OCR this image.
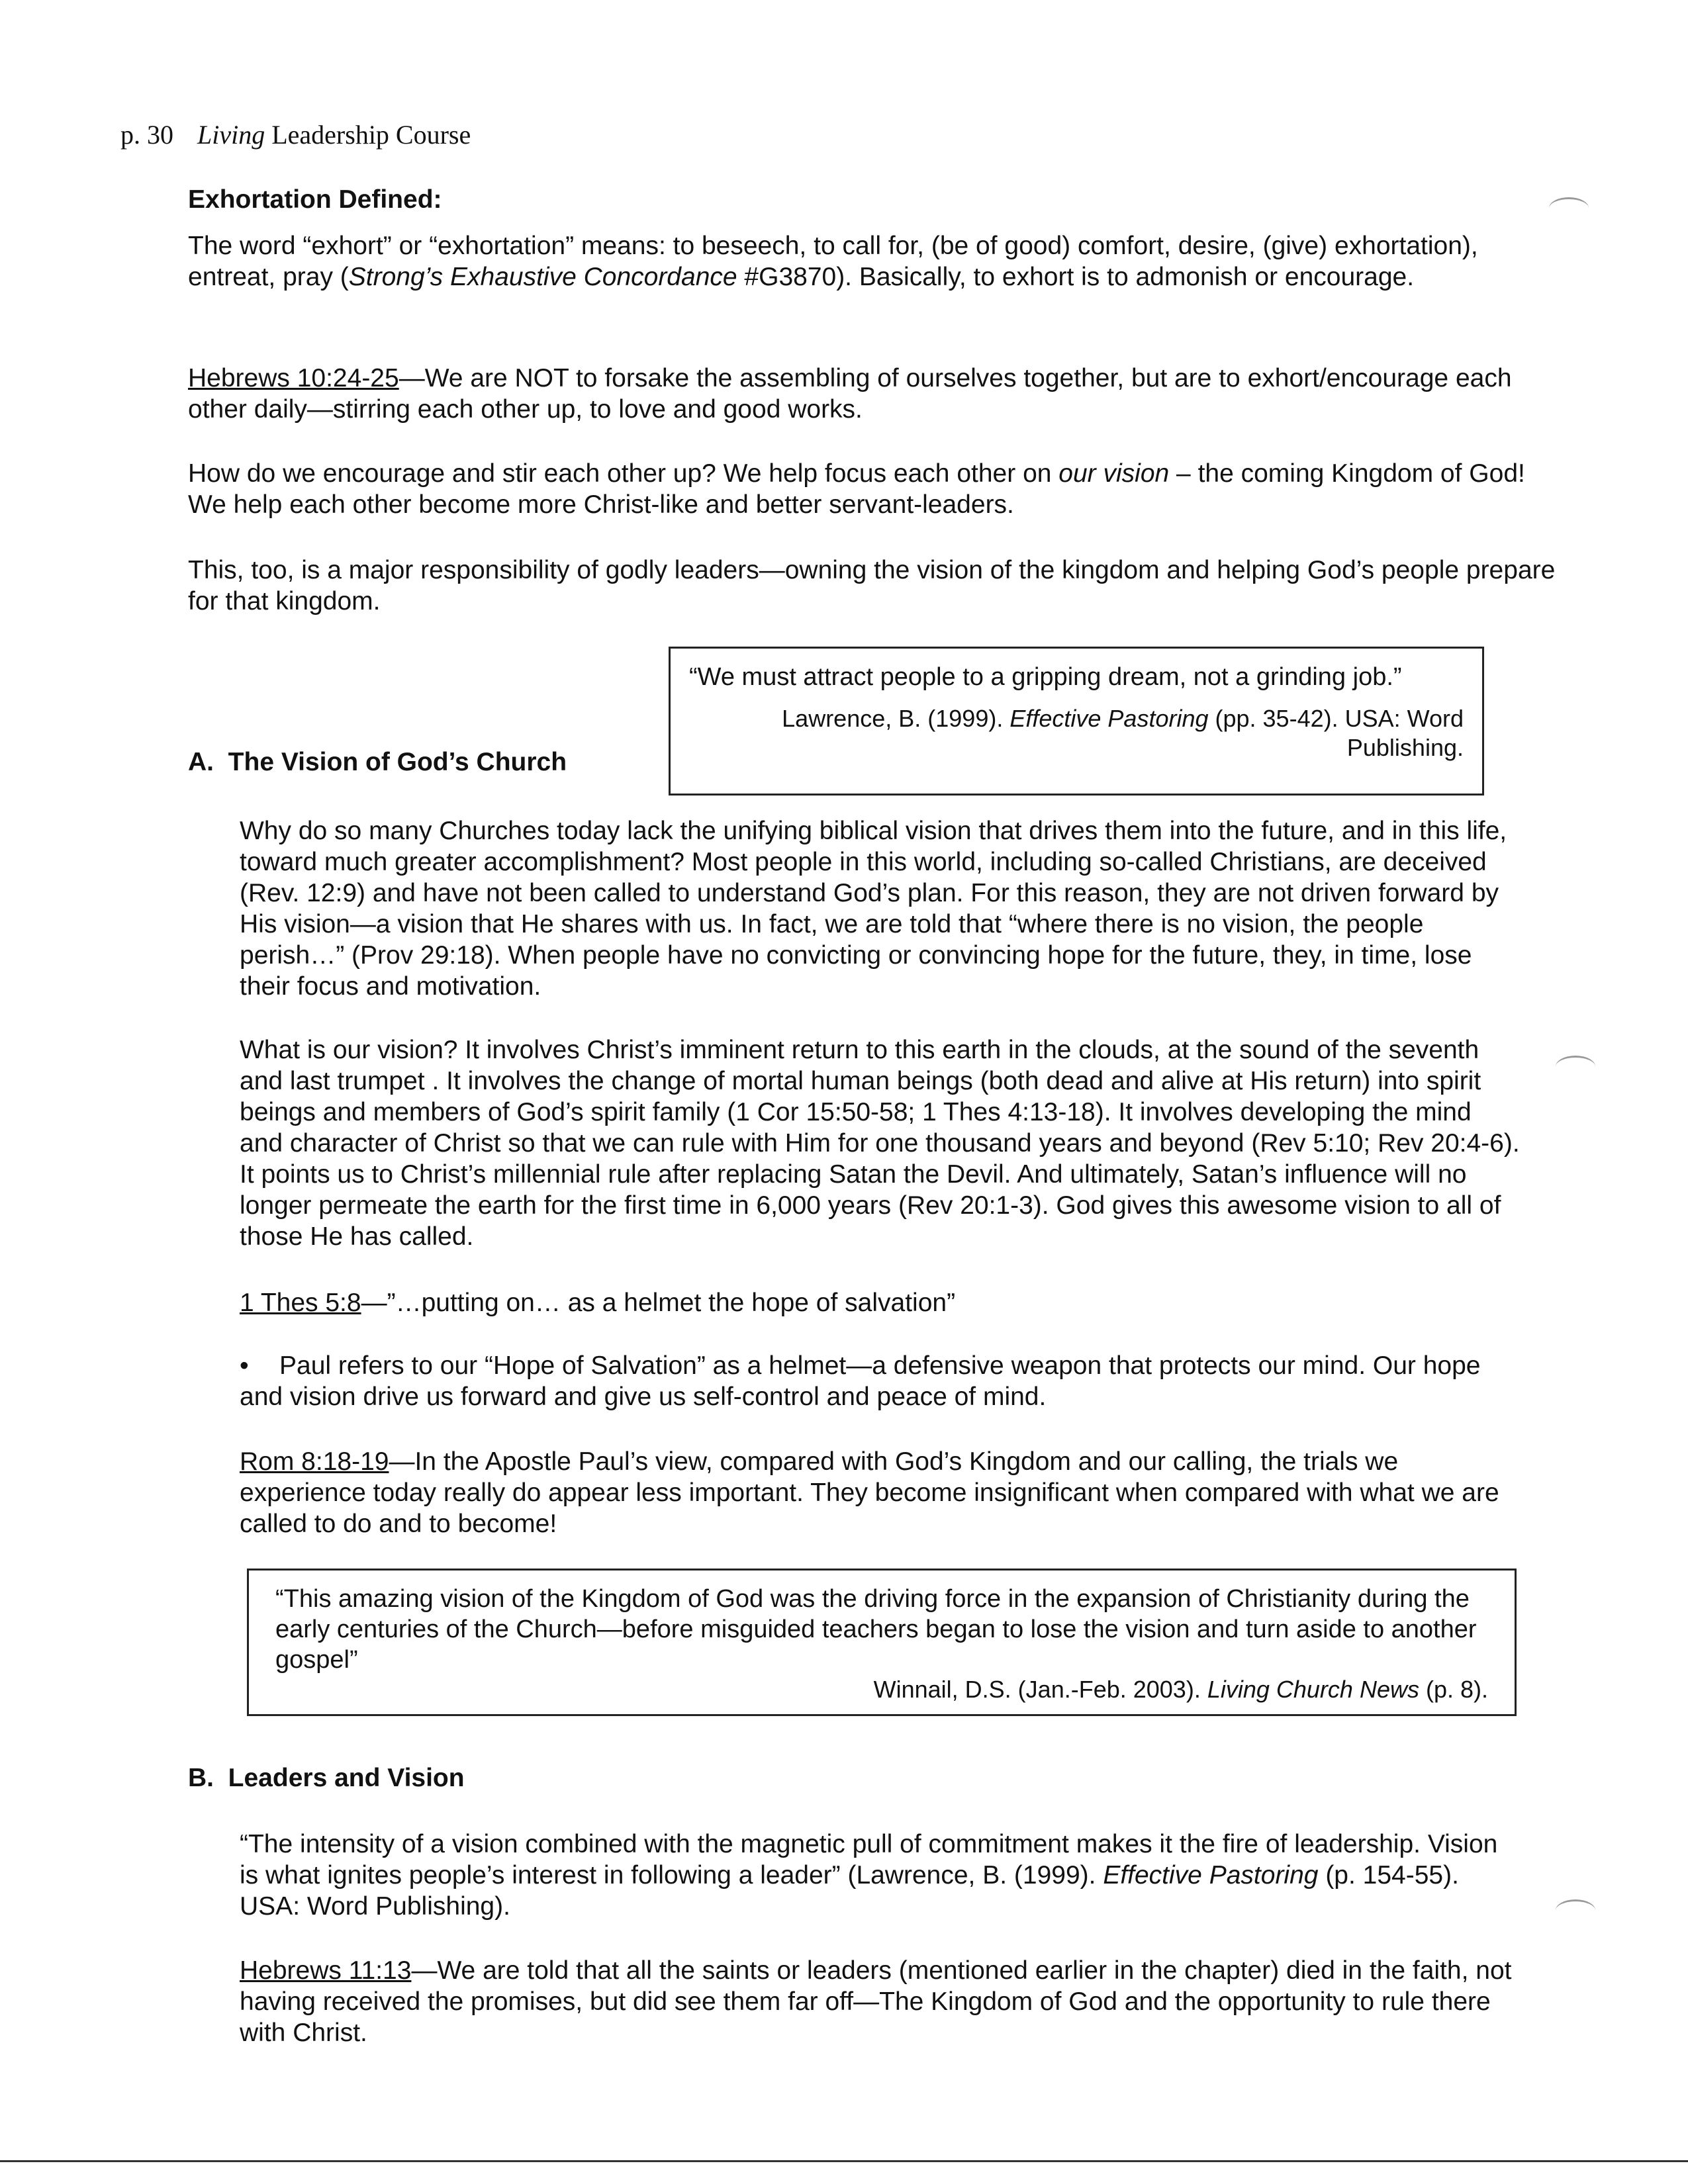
p. 30 Living Leadership Course
Exhortation Defined:
The word “exhort” or “exhortation” means: to beseech, to call for, (be of good) comfort, desire, (give) exhortation), entreat, pray (Strong’s Exhaustive Concordance #G3870). Basically, to exhort is to admonish or encourage.
Hebrews 10:24-25—We are NOT to forsake the assembling of ourselves together, but are to exhort/encourage each other daily—stirring each other up, to love and good works.
How do we encourage and stir each other up? We help focus each other on our vision – the coming Kingdom of God! We help each other become more Christ-like and better servant-leaders.
This, too, is a major responsibility of godly leaders—owning the vision of the kingdom and helping God’s people prepare for that kingdom.
“We must attract people to a gripping dream, not a grinding job.”
Lawrence, B. (1999). Effective Pastoring (pp. 35-42). USA: Word Publishing.
A. The Vision of God’s Church
Why do so many Churches today lack the unifying biblical vision that drives them into the future, and in this life, toward much greater accomplishment? Most people in this world, including so-called Christians, are deceived (Rev. 12:9) and have not been called to understand God’s plan. For this reason, they are not driven forward by His vision—a vision that He shares with us. In fact, we are told that “where there is no vision, the people perish…” (Prov 29:18). When people have no convicting or convincing hope for the future, they, in time, lose their focus and motivation.
What is our vision? It involves Christ’s imminent return to this earth in the clouds, at the sound of the seventh and last trumpet . It involves the change of mortal human beings (both dead and alive at His return) into spirit beings and members of God’s spirit family (1 Cor 15:50-58; 1 Thes 4:13-18). It involves developing the mind and character of Christ so that we can rule with Him for one thousand years and beyond (Rev 5:10; Rev 20:4-6). It points us to Christ’s millennial rule after replacing Satan the Devil. And ultimately, Satan’s influence will no longer permeate the earth for the first time in 6,000 years (Rev 20:1-3). God gives this awesome vision to all of those He has called.
1 Thes 5:8—”…putting on… as a helmet the hope of salvation”
• Paul refers to our “Hope of Salvation” as a helmet—a defensive weapon that protects our mind. Our hope and vision drive us forward and give us self-control and peace of mind.
Rom 8:18-19—In the Apostle Paul’s view, compared with God’s Kingdom and our calling, the trials we experience today really do appear less important. They become insignificant when compared with what we are called to do and to become!
“This amazing vision of the Kingdom of God was the driving force in the expansion of Christianity during the early centuries of the Church—before misguided teachers began to lose the vision and turn aside to another gospel”
Winnail, D.S. (Jan.-Feb. 2003). Living Church News (p. 8).
B. Leaders and Vision
“The intensity of a vision combined with the magnetic pull of commitment makes it the fire of leadership. Vision is what ignites people’s interest in following a leader” (Lawrence, B. (1999). Effective Pastoring (p. 154-55). USA: Word Publishing).
Hebrews 11:13—We are told that all the saints or leaders (mentioned earlier in the chapter) died in the faith, not having received the promises, but did see them far off—The Kingdom of God and the opportunity to rule there with Christ.
